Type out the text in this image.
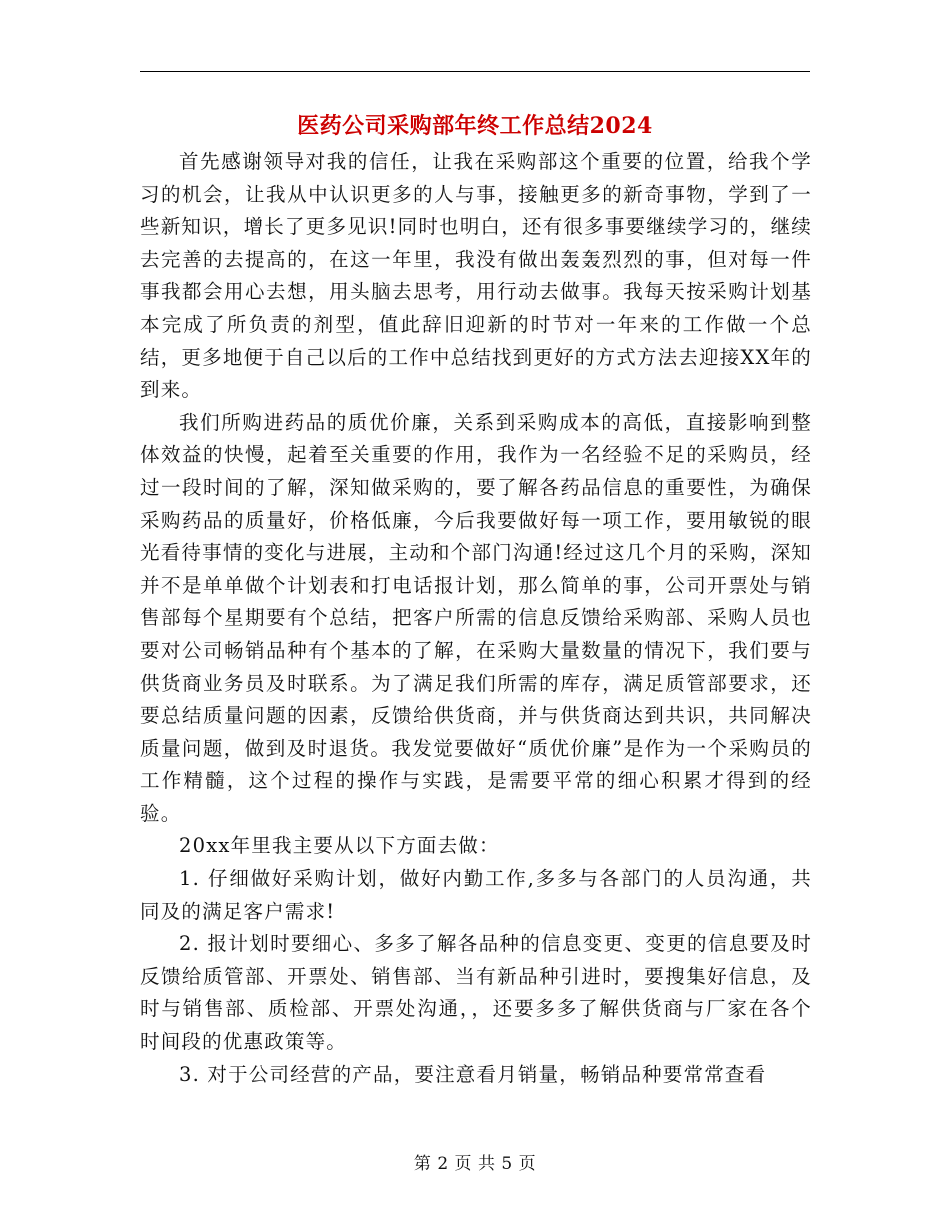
医药公司采购部年终工作总结2024

首先感谢领导对我的信任，让我在采购部这个重要的位置，给我个学习的机会，让我从中认识更多的人与事，接触更多的新奇事物，学到了一些新知识，增长了更多见识!同时也明白，还有很多事要继续学习的，继续去完善的去提高的，在这一年里，我没有做出轰轰烈烈的事，但对每一件事我都会用心去想，用头脑去思考，用行动去做事。我每天按采购计划基本完成了所负责的剂型，值此辞旧迎新的时节对一年来的工作做一个总结，更多地便于自己以后的工作中总结找到更好的方式方法去迎接XX年的到来。

我们所购进药品的质优价廉，关系到采购成本的高低，直接影响到整体效益的快慢，起着至关重要的作用，我作为一名经验不足的采购员，经过一段时间的了解，深知做采购的，要了解各药品信息的重要性，为确保采购药品的质量好，价格低廉，今后我要做好每一项工作，要用敏锐的眼光看待事情的变化与进展，主动和个部门沟通!经过这几个月的采购，深知并不是单单做个计划表和打电话报计划，那么简单的事，公司开票处与销售部每个星期要有个总结，把客户所需的信息反馈给采购部、采购人员也要对公司畅销品种有个基本的了解，在采购大量数量的情况下，我们要与供货商业务员及时联系。为了满足我们所需的库存，满足质管部要求，还要总结质量问题的因素，反馈给供货商，并与供货商达到共识，共同解决质量问题，做到及时退货。我发觉要做好“质优价廉”是作为一个采购员的工作精髓，这个过程的操作与实践，是需要平常的细心积累才得到的经验。

20xx年里我主要从以下方面去做：

1. 仔细做好采购计划，做好内勤工作,多多与各部门的人员沟通，共同及的满足客户需求!

2. 报计划时要细心、多多了解各品种的信息变更、变更的信息要及时反馈给质管部、开票处、销售部、当有新品种引进时，要搜集好信息，及时与销售部、质检部、开票处沟通，，还要多多了解供货商与厂家在各个时间段的优惠政策等。

3. 对于公司经营的产品，要注意看月销量，畅销品种要常常查看

第 2 页 共 5 页
